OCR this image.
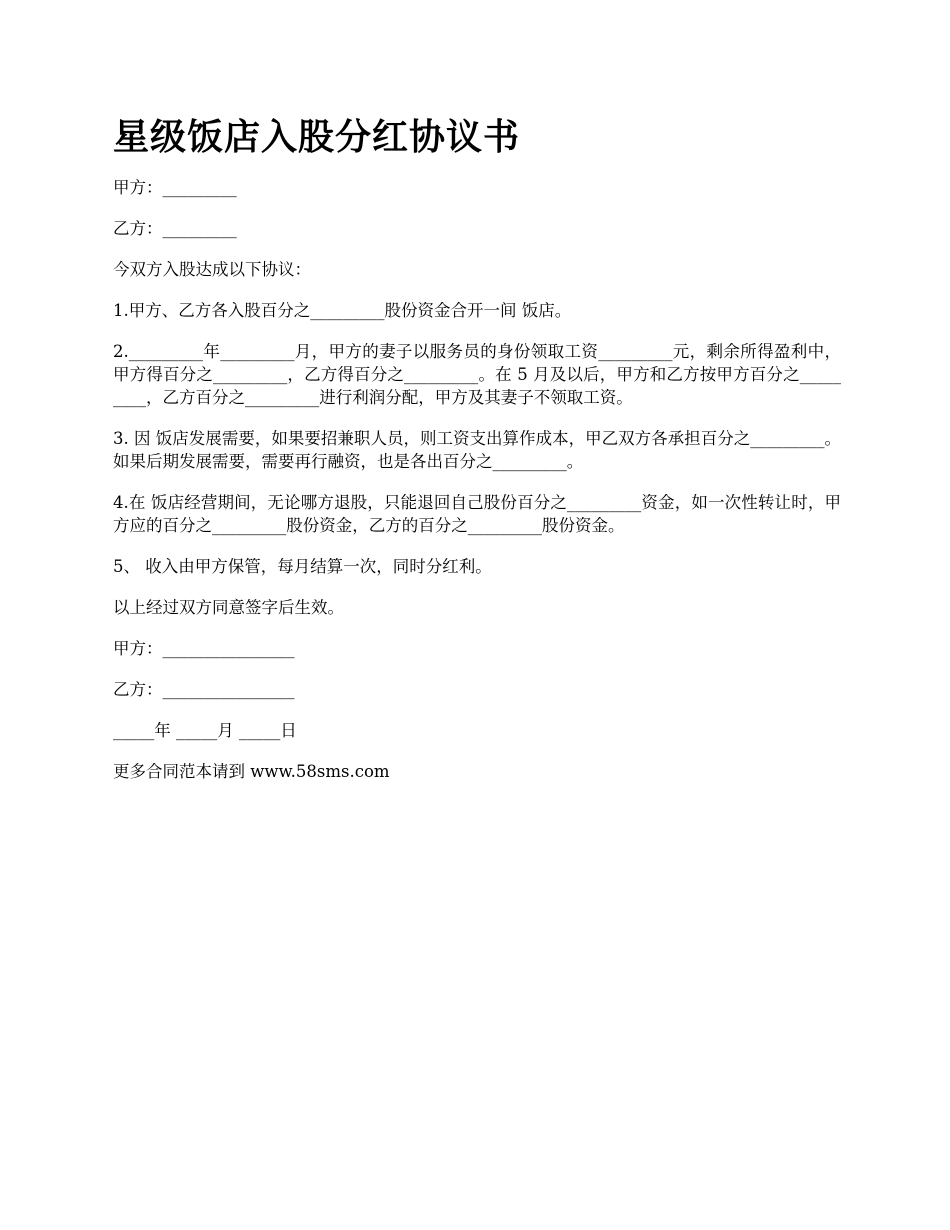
星级饭店入股分红协议书

甲方：_________

乙方：_________

今双方入股达成以下协议：

1.甲方、乙方各入股百分之_________股份资金合开一间 饭店。

2._________年_________月，甲方的妻子以服务员的身份领取工资_________元，剩余所得盈利中，甲方得百分之_________，乙方得百分之_________。在 5 月及以后，甲方和乙方按甲方百分之_________，乙方百分之_________进行利润分配，甲方及其妻子不领取工资。

3. 因 饭店发展需要，如果要招兼职人员，则工资支出算作成本，甲乙双方各承担百分之_________。如果后期发展需要，需要再行融资，也是各出百分之_________。

4.在 饭店经营期间，无论哪方退股，只能退回自己股份百分之_________资金，如一次性转让时，甲方应的百分之_________股份资金，乙方的百分之_________股份资金。

5、 收入由甲方保管，每月结算一次，同时分红利。

以上经过双方同意签字后生效。

甲方：________________

乙方：________________

_____年 _____月 _____日

更多合同范本请到 www.58sms.com
